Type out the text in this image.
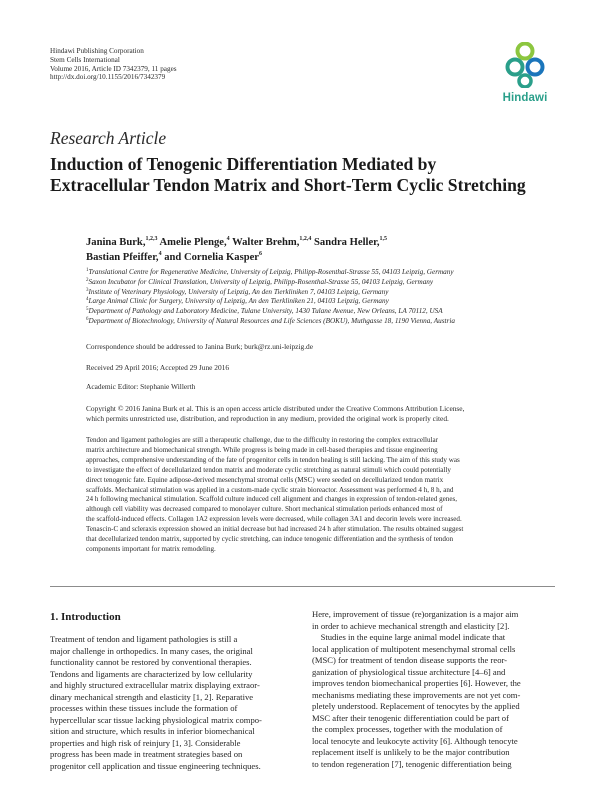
Hindawi Publishing Corporation
Stem Cells International
Volume 2016, Article ID 7342379, 11 pages
http://dx.doi.org/10.1155/2016/7342379
Hindawi
Research Article
Induction of Tenogenic Differentiation Mediated by
Extracellular Tendon Matrix and Short-Term Cyclic Stretching
Janina Burk,$^{1,2,3}$ Amelie Plenge,$^4$ Walter Brehm,$^{1,2,4}$ Sandra Heller,$^{1,5}$
Bastian Pfeiffer,$^4$ and Cornelia Kasper$^6$
$^1$Translational Centre for Regenerative Medicine, University of Leipzig, Philipp-Rosenthal-Strasse 55, 04103 Leipzig, Germany
$^2$Saxon Incubator for Clinical Translation, University of Leipzig, Philipp-Rosenthal-Strasse 55, 04103 Leipzig, Germany
$^3$Institute of Veterinary Physiology, University of Leipzig, An den Tierkliniken 7, 04103 Leipzig, Germany
$^4$Large Animal Clinic for Surgery, University of Leipzig, An den Tierkliniken 21, 04103 Leipzig, Germany
$^5$Department of Pathology and Laboratory Medicine, Tulane University, 1430 Tulane Avenue, New Orleans, LA 70112, USA
$^6$Department of Biotechnology, University of Natural Resources and Life Sciences (BOKU), Muthgasse 18, 1190 Vienna, Austria
Correspondence should be addressed to Janina Burk; burk@rz.uni-leipzig.de
Received 29 April 2016; Accepted 29 June 2016
Academic Editor: Stephanie Willerth
Copyright © 2016 Janina Burk et al. This is an open access article distributed under the Creative Commons Attribution License,
which permits unrestricted use, distribution, and reproduction in any medium, provided the original work is properly cited.
Tendon and ligament pathologies are still a therapeutic challenge, due to the difficulty in restoring the complex extracellular
matrix architecture and biomechanical strength. While progress is being made in cell-based therapies and tissue engineering
approaches, comprehensive understanding of the fate of progenitor cells in tendon healing is still lacking. The aim of this study was
to investigate the effect of decellularized tendon matrix and moderate cyclic stretching as natural stimuli which could potentially
direct tenogenic fate. Equine adipose-derived mesenchymal stromal cells (MSC) were seeded on decellularized tendon matrix
scaffolds. Mechanical stimulation was applied in a custom-made cyclic strain bioreactor. Assessment was performed 4 h, 8 h, and
24 h following mechanical stimulation. Scaffold culture induced cell alignment and changes in expression of tendon-related genes,
although cell viability was decreased compared to monolayer culture. Short mechanical stimulation periods enhanced most of
the scaffold-induced effects. Collagen 1A2 expression levels were decreased, while collagen 3A1 and decorin levels were increased.
Tenascin-C and scleraxis expression showed an initial decrease but had increased 24 h after stimulation. The results obtained suggest
that decellularized tendon matrix, supported by cyclic stretching, can induce tenogenic differentiation and the synthesis of tendon
components important for matrix remodeling.
1. Introduction
Treatment of tendon and ligament pathologies is still a
major challenge in orthopedics. In many cases, the original
functionality cannot be restored by conventional therapies.
Tendons and ligaments are characterized by low cellularity
and highly structured extracellular matrix displaying extraor-
dinary mechanical strength and elasticity [1, 2]. Reparative
processes within these tissues include the formation of
hypercellular scar tissue lacking physiological matrix compo-
sition and structure, which results in inferior biomechanical
properties and high risk of reinjury [1, 3]. Considerable
progress has been made in treatment strategies based on
progenitor cell application and tissue engineering techniques.
Here, improvement of tissue (re)organization is a major aim
in order to achieve mechanical strength and elasticity [2].
Studies in the equine large animal model indicate that
local application of multipotent mesenchymal stromal cells
(MSC) for treatment of tendon disease supports the reor-
ganization of physiological tissue architecture [4–6] and
improves tendon biomechanical properties [6]. However, the
mechanisms mediating these improvements are not yet com-
pletely understood. Replacement of tenocytes by the applied
MSC after their tenogenic differentiation could be part of
the complex processes, together with the modulation of
local tenocyte and leukocyte activity [6]. Although tenocyte
replacement itself is unlikely to be the major contribution
to tendon regeneration [7], tenogenic differentiation being
